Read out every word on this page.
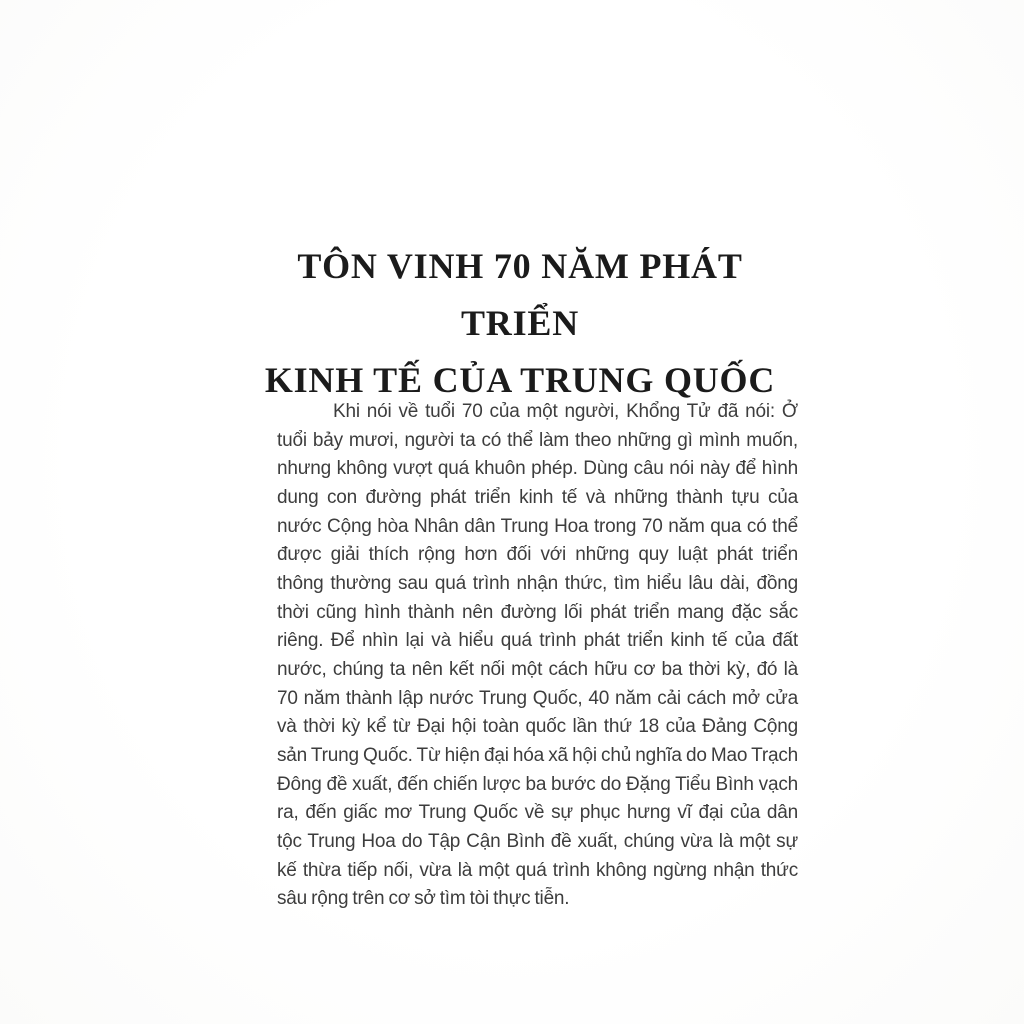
TÔN VINH 70 NĂM PHÁT TRIỂN
KINH TẾ CỦA TRUNG QUỐC
Khi nói về tuổi 70 của một người, Khổng Tử đã nói: Ở
tuổi bảy mươi, người ta có thể làm theo những gì mình muốn,
nhưng không vượt quá khuôn phép. Dùng câu nói này để hình
dung con đường phát triển kinh tế và những thành tựu của
nước Cộng hòa Nhân dân Trung Hoa trong 70 năm qua có thể
được giải thích rộng hơn đối với những quy luật phát triển
thông thường sau quá trình nhận thức, tìm hiểu lâu dài, đồng
thời cũng hình thành nên đường lối phát triển mang đặc sắc
riêng. Để nhìn lại và hiểu quá trình phát triển kinh tế của đất
nước, chúng ta nên kết nối một cách hữu cơ ba thời kỳ, đó là
70 năm thành lập nước Trung Quốc, 40 năm cải cách mở cửa
và thời kỳ kể từ Đại hội toàn quốc lần thứ 18 của Đảng Cộng
sản Trung Quốc. Từ hiện đại hóa xã hội chủ nghĩa do Mao Trạch
Đông đề xuất, đến chiến lược ba bước do Đặng Tiểu Bình vạch
ra, đến giấc mơ Trung Quốc về sự phục hưng vĩ đại của dân
tộc Trung Hoa do Tập Cận Bình đề xuất, chúng vừa là một sự
kế thừa tiếp nối, vừa là một quá trình không ngừng nhận thức
sâu rộng trên cơ sở tìm tòi thực tiễn.
